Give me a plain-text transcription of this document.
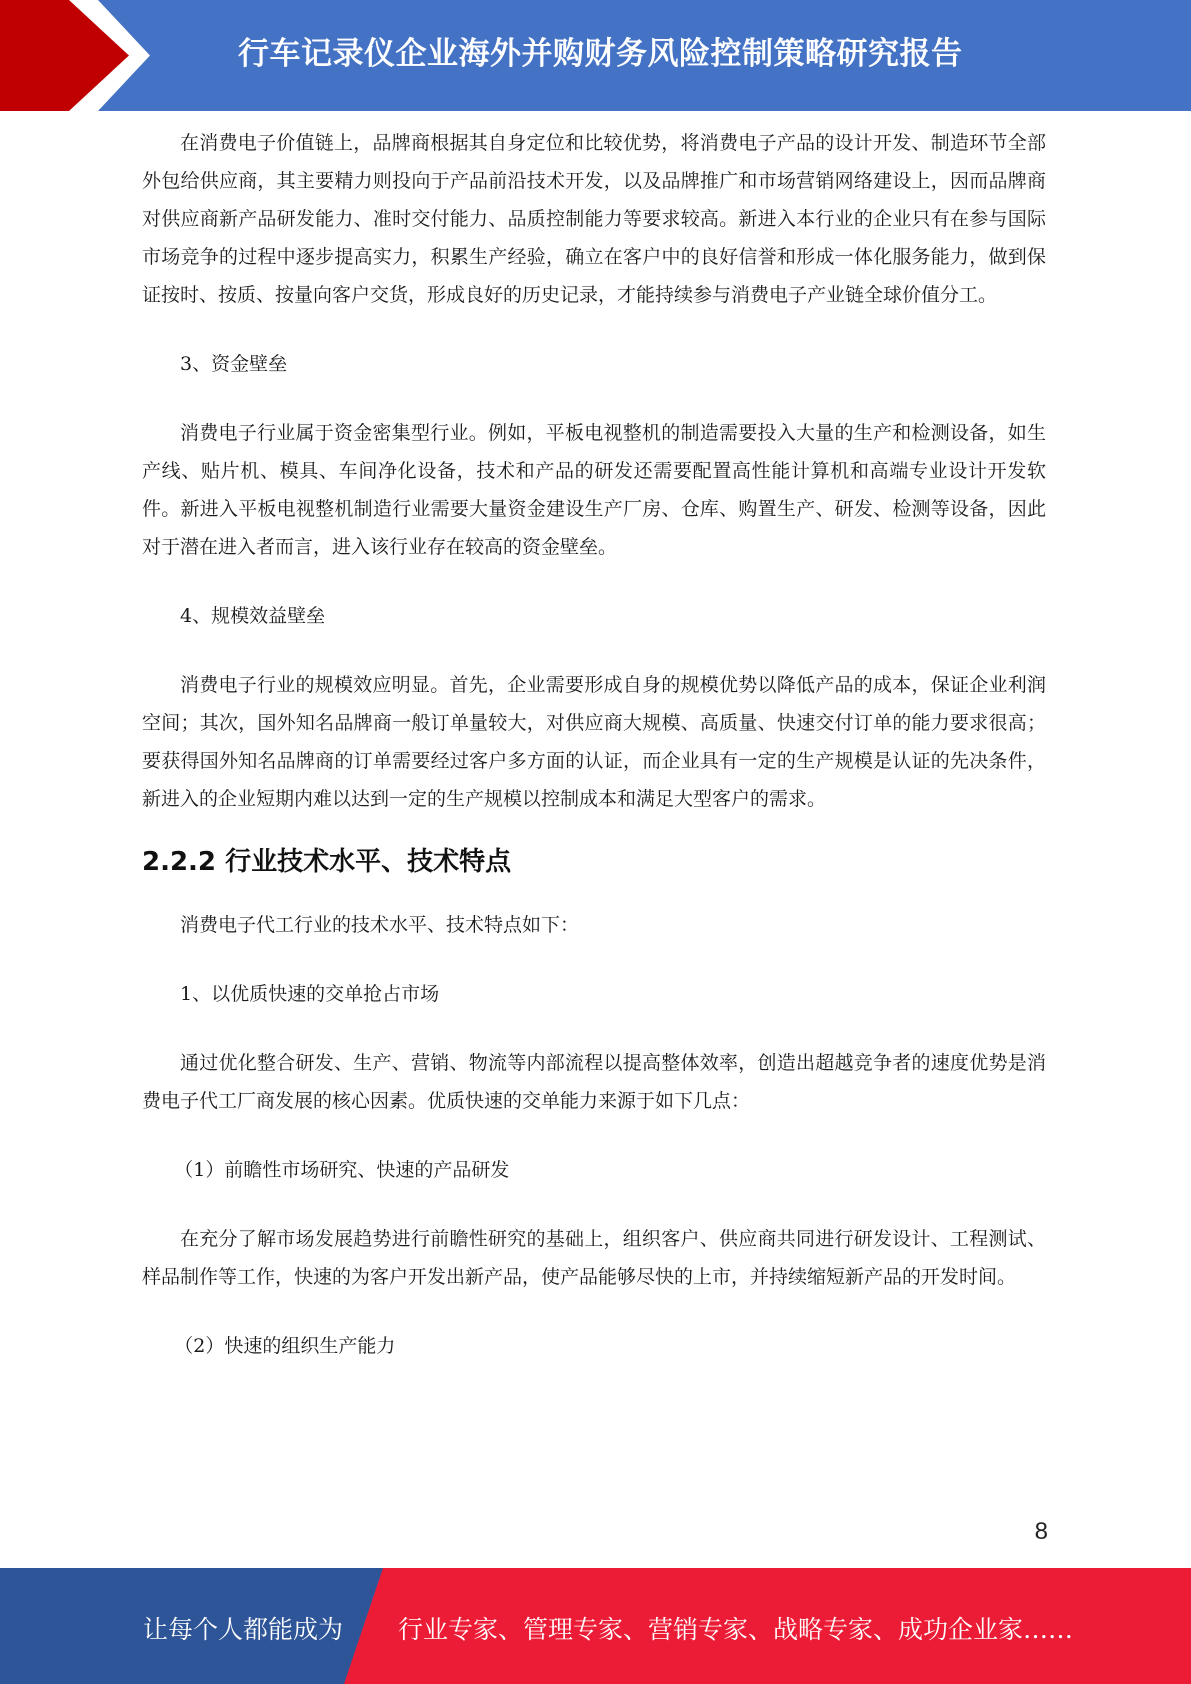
行车记录仪企业海外并购财务风险控制策略研究报告

在消费电子价值链上，品牌商根据其自身定位和比较优势，将消费电子产品的设计开发、制造环节全部外包给供应商，其主要精力则投向于产品前沿技术开发，以及品牌推广和市场营销网络建设上，因而品牌商对供应商新产品研发能力、准时交付能力、品质控制能力等要求较高。新进入本行业的企业只有在参与国际市场竞争的过程中逐步提高实力，积累生产经验，确立在客户中的良好信誉和形成一体化服务能力，做到保证按时、按质、按量向客户交货，形成良好的历史记录，才能持续参与消费电子产业链全球价值分工。

3、资金壁垒

消费电子行业属于资金密集型行业。例如，平板电视整机的制造需要投入大量的生产和检测设备，如生产线、贴片机、模具、车间净化设备，技术和产品的研发还需要配置高性能计算机和高端专业设计开发软件。新进入平板电视整机制造行业需要大量资金建设生产厂房、仓库、购置生产、研发、检测等设备，因此对于潜在进入者而言，进入该行业存在较高的资金壁垒。

4、规模效益壁垒

消费电子行业的规模效应明显。首先，企业需要形成自身的规模优势以降低产品的成本，保证企业利润空间；其次，国外知名品牌商一般订单量较大，对供应商大规模、高质量、快速交付订单的能力要求很高；要获得国外知名品牌商的订单需要经过客户多方面的认证，而企业具有一定的生产规模是认证的先决条件，新进入的企业短期内难以达到一定的生产规模以控制成本和满足大型客户的需求。

2.2.2 行业技术水平、技术特点

消费电子代工行业的技术水平、技术特点如下：

1、以优质快速的交单抢占市场

通过优化整合研发、生产、营销、物流等内部流程以提高整体效率，创造出超越竞争者的速度优势是消费电子代工厂商发展的核心因素。优质快速的交单能力来源于如下几点：

（1）前瞻性市场研究、快速的产品研发

在充分了解市场发展趋势进行前瞻性研究的基础上，组织客户、供应商共同进行研发设计、工程测试、样品制作等工作，快速的为客户开发出新产品，使产品能够尽快的上市，并持续缩短新产品的开发时间。

（2）快速的组织生产能力

8
让每个人都能成为 行业专家、管理专家、营销专家、战略专家、成功企业家……
